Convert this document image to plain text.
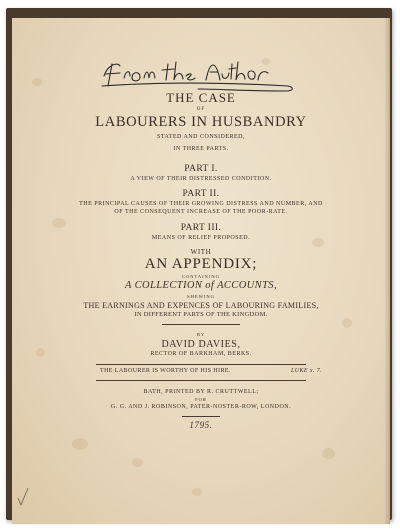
THE CASE

OF

LABOURERS IN HUSBANDRY

STATED AND CONSIDERED,

IN THREE PARTS.

PART I.

A VIEW OF THEIR DISTRESSED CONDITION.

PART II.

THE PRINCIPAL CAUSES OF THEIR GROWING DISTRESS AND NUMBER, AND

OF THE CONSEQUENT INCREASE OF THE POOR-RATE.

PART III.

MEANS OF RELIEF PROPOSED.

WITH

AN APPENDIX;

CONTAINING

A COLLECTION of ACCOUNTS,

SHEWING

THE EARNINGS AND EXPENCES OF LABOURING FAMILIES,

IN DIFFERENT PARTS OF THE KINGDOM.

BY

DAVID DAVIES,

RECTOR OF BARKHAM, BERKS.

THE LABOURER IS WORTHY OF HIS HIRE.	LUKE x. 7.

BATH, PRINTED BY R. CRUTTWELL;

FOR

G. G. AND J. ROBINSON, PATER-NOSTER-ROW, LONDON.

1795.
